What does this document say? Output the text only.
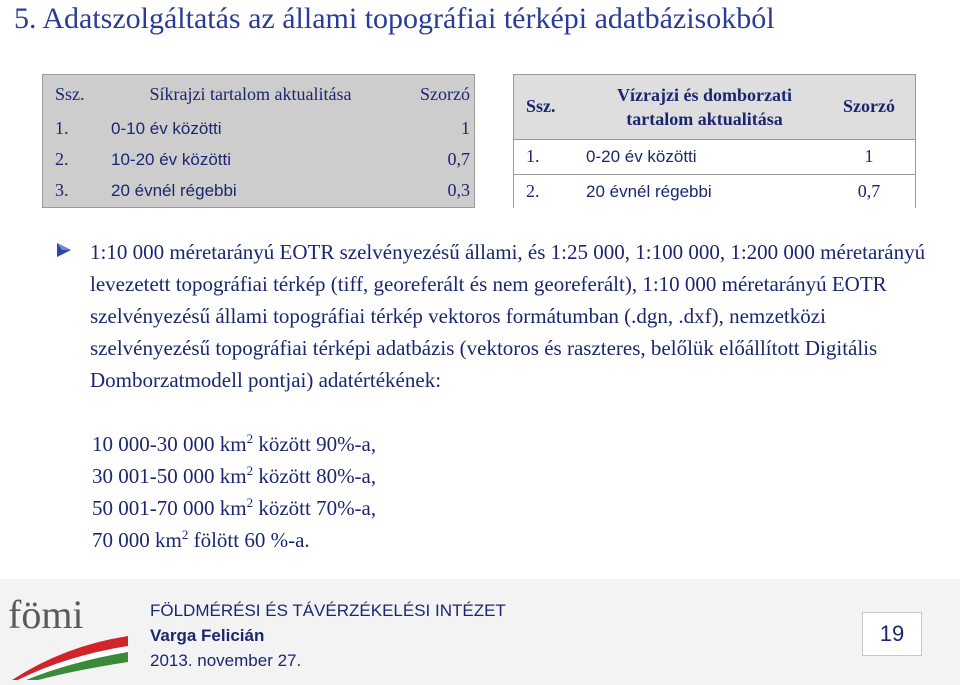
5. Adatszolgáltatás az állami topográfiai térképi adatbázisokból
Ssz.	Síkrajzi tartalom aktualitása	Szorzó
1.	0-10 év közötti	1
2.	10-20 év közötti	0,7
3.	20 évnél régebbi	0,3
Ssz.	Vízrajzi és domborzati tartalom aktualitása	Szorzó
1.	0-20 év közötti	1
2.	20 évnél régebbi	0,7
1:10 000 méretarányú EOTR szelvényezésű állami, és 1:25 000, 1:100 000, 1:200 000 méretarányú levezetett topográfiai térkép (tiff, georeferált és nem georeferált), 1:10 000 méretarányú EOTR szelvényezésű állami topográfiai térkép vektoros formátumban (.dgn, .dxf), nemzetközi szelvényezésű topográfiai térképi adatbázis (vektoros és raszteres, belőlük előállított Digitális Domborzatmodell pontjai) adatértékének:
10 000-30 000 $km^2$ között 90%-a,
30 001-50 000 $km^2$ között 80%-a,
50 001-70 000 $km^2$ között 70%-a,
70 000 $km^2$ fölött 60 %-a.
fömi	FÖLDMÉRÉSI ÉS TÁVÉRZÉKELÉSI INTÉZET
Varga Felicián
2013. november 27.
19
